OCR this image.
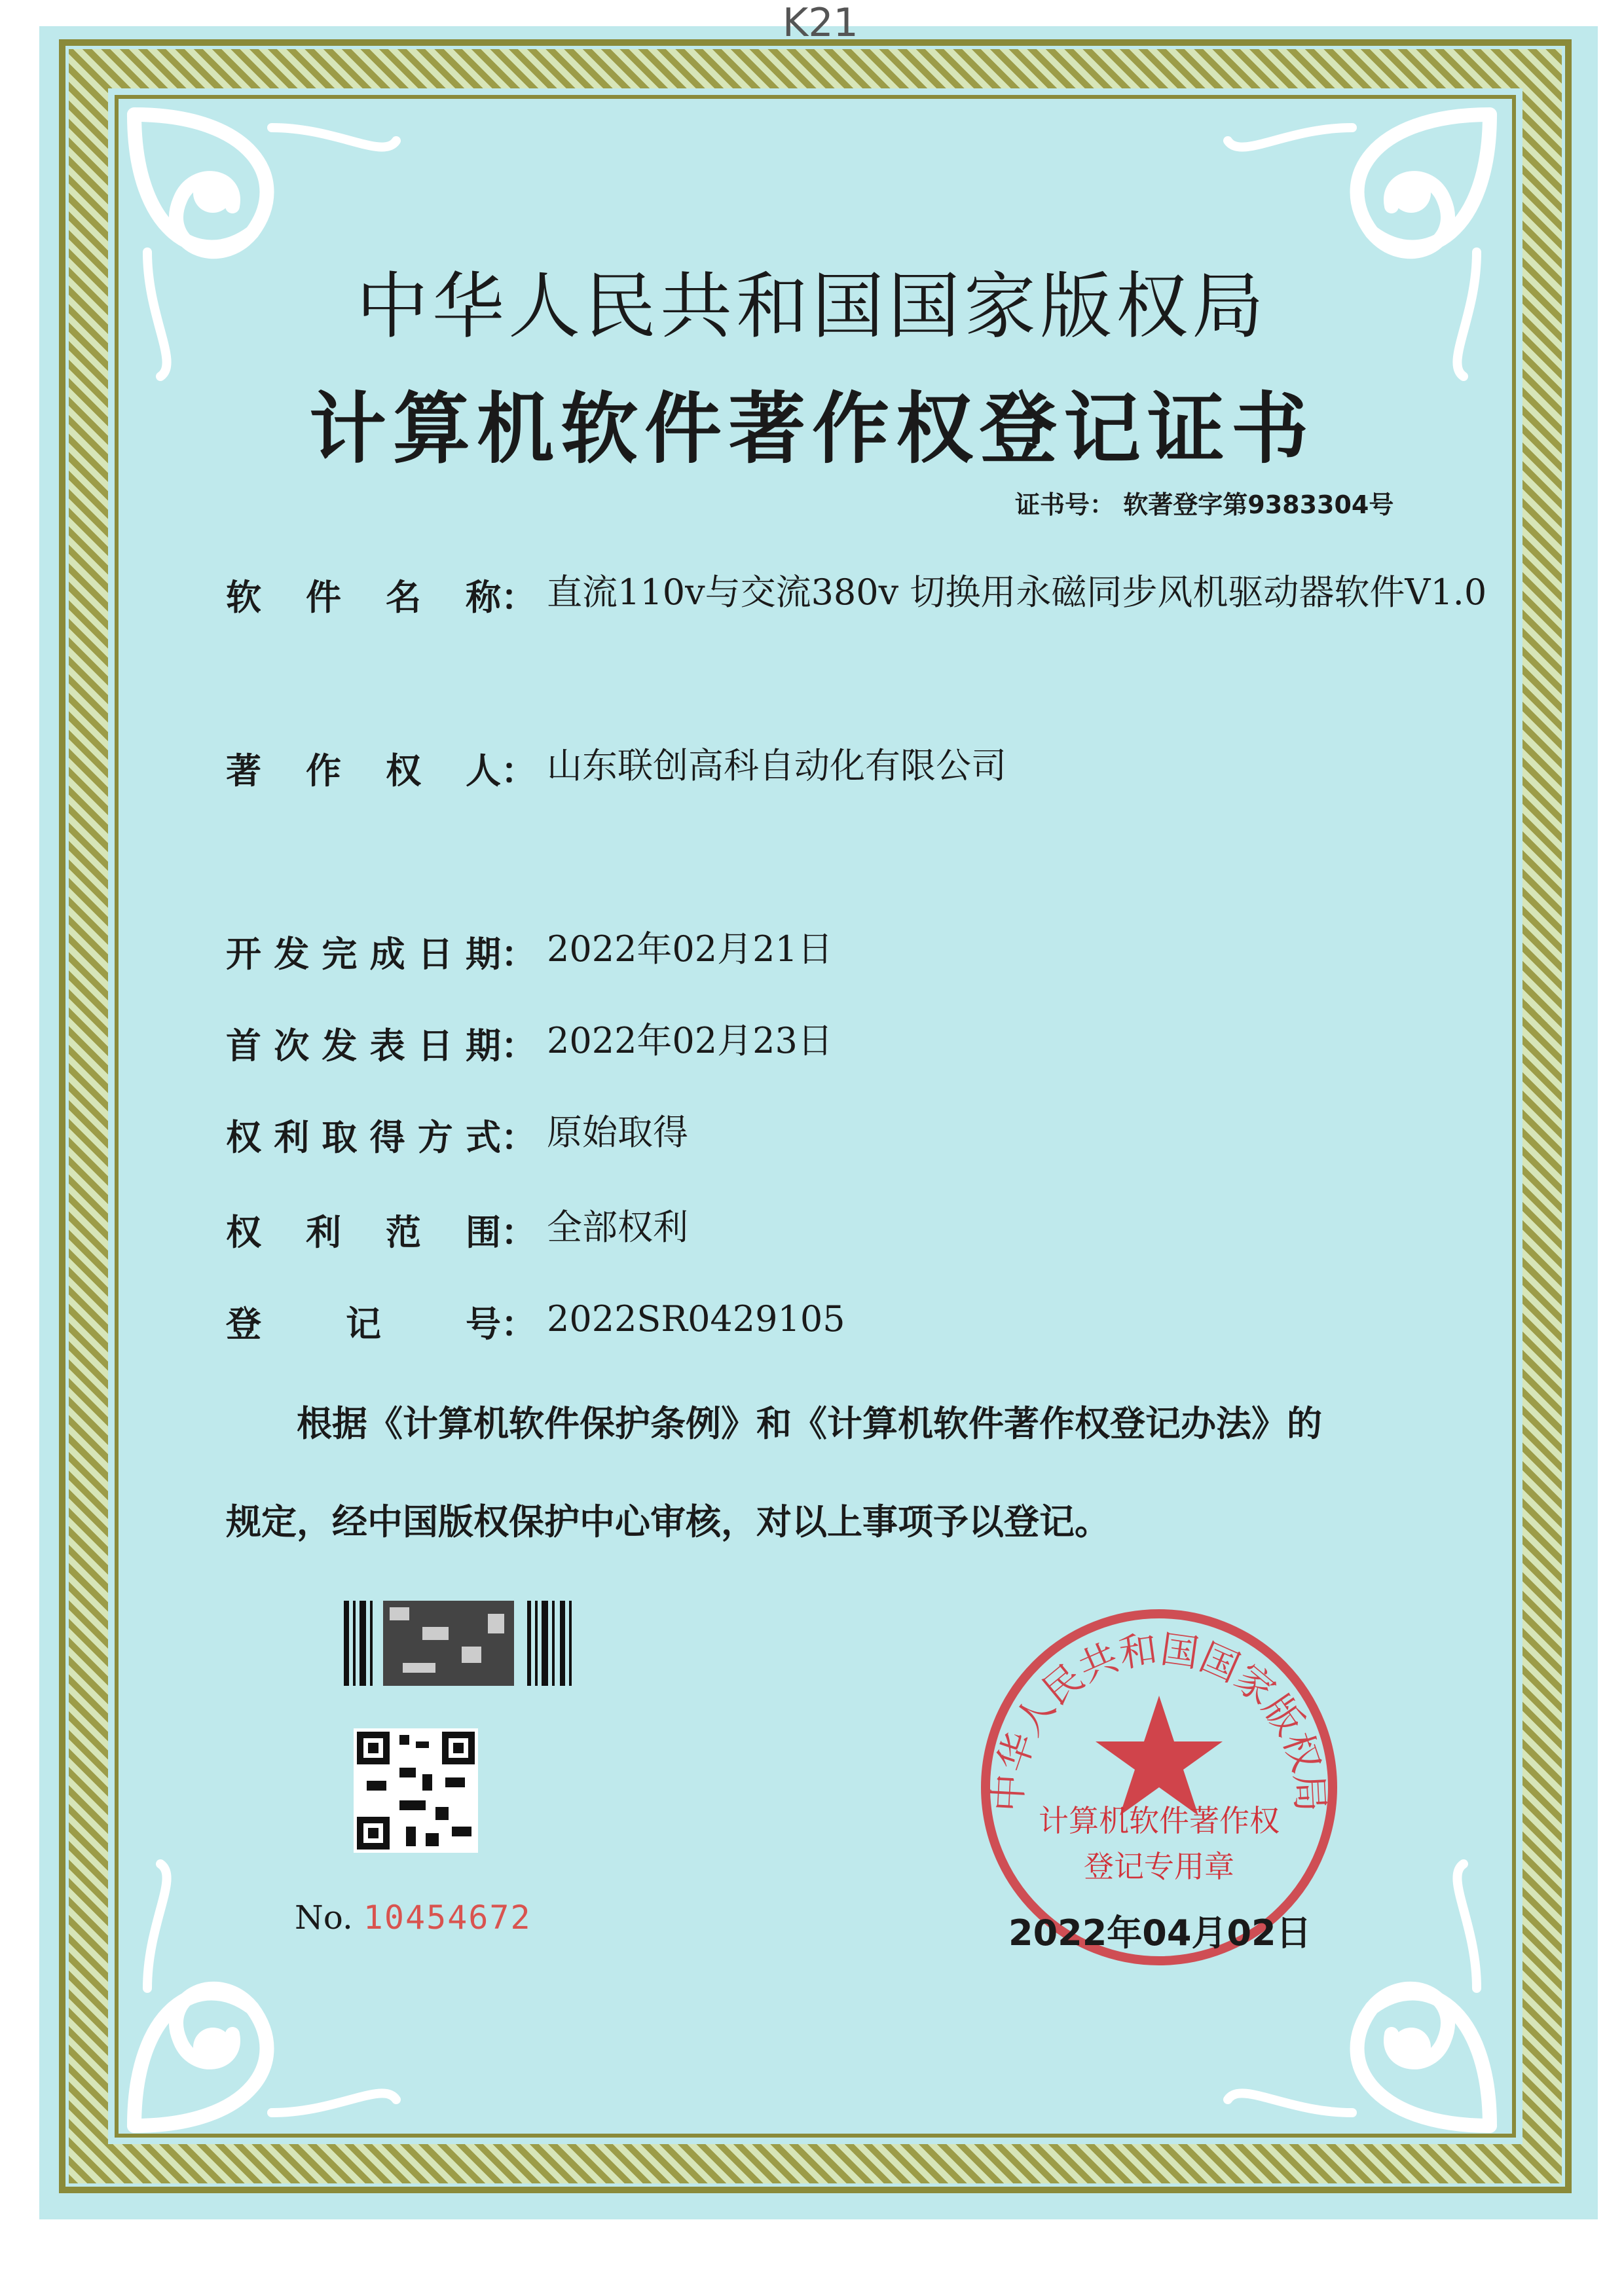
K21
中华人民共和国国家版权局
计算机软件著作权登记证书
证书号： 软著登字第9383304号
软件名称： 直流110v与交流380v 切换用永磁同步风机驱动器软件V1.0
著作权人： 山东联创高科自动化有限公司
开发完成日期： 2022年02月21日
首次发表日期： 2022年02月23日
权利取得方式： 原始取得
权利范围： 全部权利
登记号： 2022SR0429105
根据《计算机软件保护条例》和《计算机软件著作权登记办法》的
规定，经中国版权保护中心审核，对以上事项予以登记。
No. 10454672
中华人民共和国国家版权局
计算机软件著作权
登记专用章
2022年04月02日
